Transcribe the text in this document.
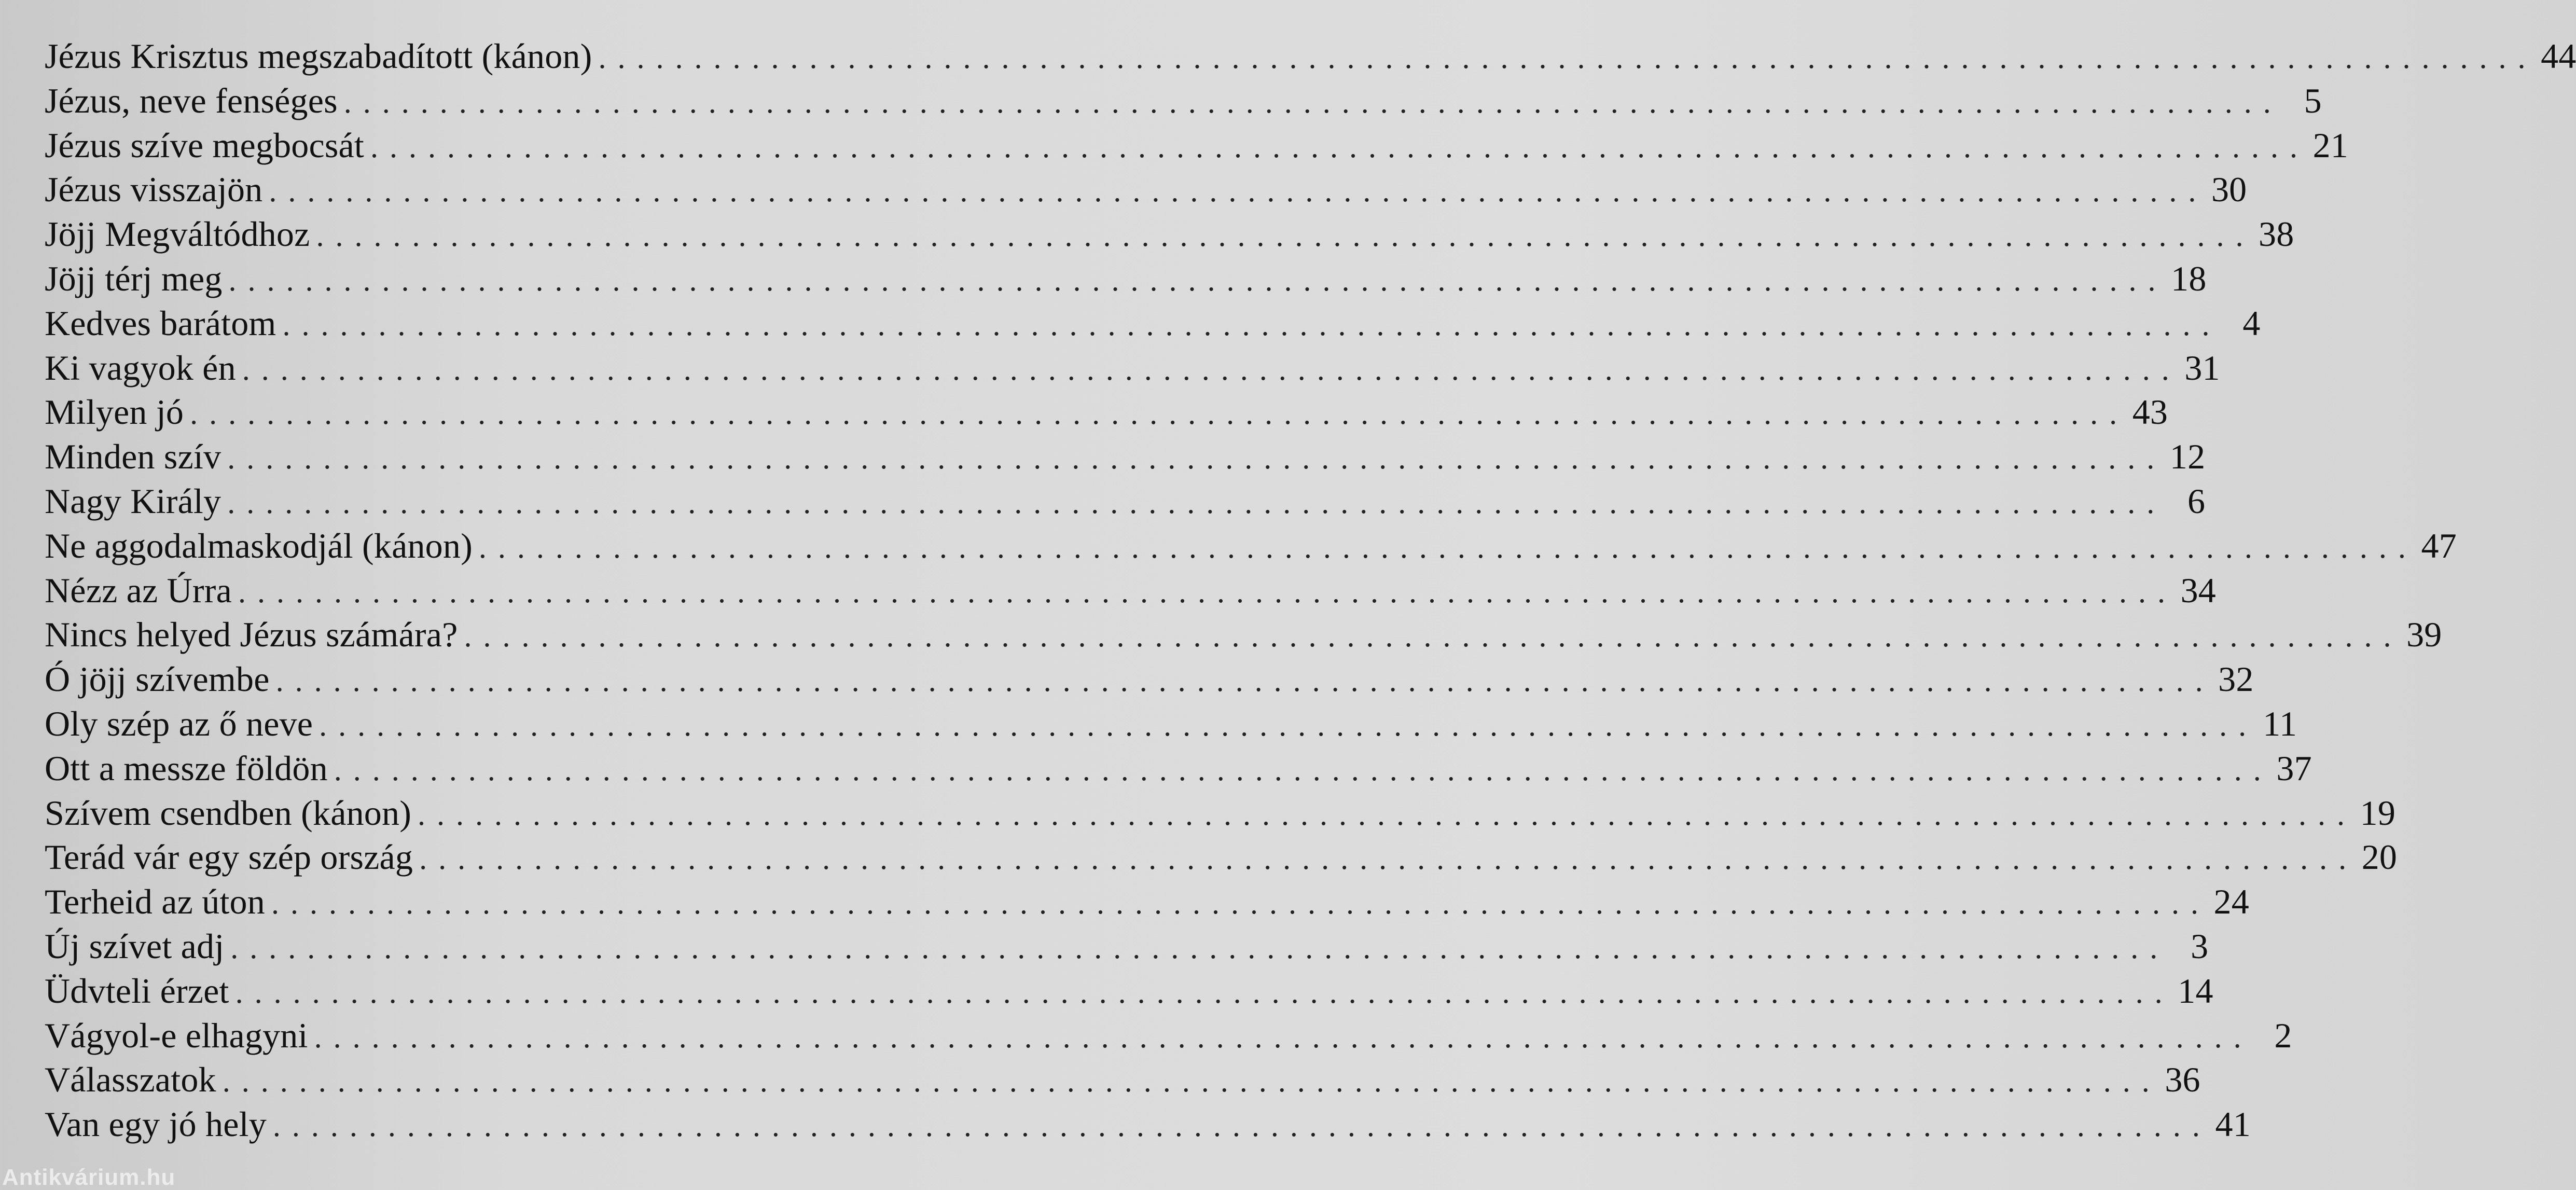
Jézus Krisztus megszabadított (kánon) . . .	44
Jézus, neve fenséges . . .	5
Jézus szíve megbocsát . . .	21
Jézus visszajön . . .	30
Jöjj Megváltódhoz . . .	38
Jöjj térj meg . . .	18
Kedves barátom . . .	4
Ki vagyok én . . .	31
Milyen jó . . .	43
Minden szív . . .	12
Nagy Király . . .	6
Ne aggodalmaskodjál (kánon) . . .	47
Nézz az Úrra . . .	34
Nincs helyed Jézus számára? . . .	39
Ó jöjj szívembe . . .	32
Oly szép az ő neve . . .	11
Ott a messze földön . . .	37
Szívem csendben (kánon) . . .	19
Terád vár egy szép ország . . .	20
Terheid az úton . . .	24
Új szívet adj . . .	3
Üdvteli érzet . . .	14
Vágyol-e elhagyni . . .	2
Válasszatok . . .	36
Van egy jó hely . . .	41
Antikvárium.hu
